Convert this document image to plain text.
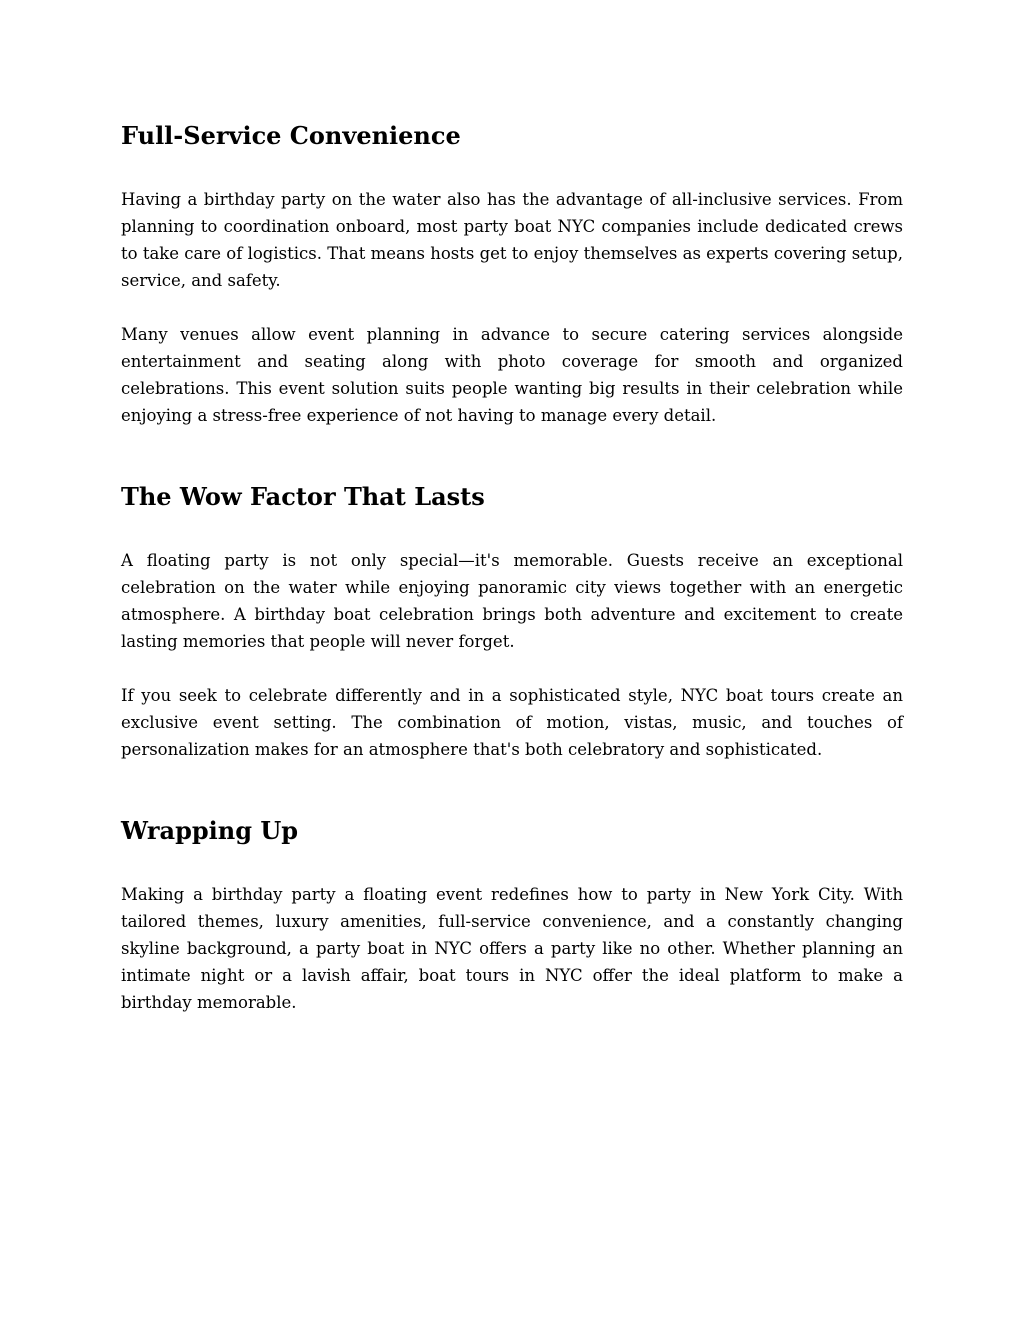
Full-Service Convenience

Having a birthday party on the water also has the advantage of all-inclusive services. From planning to coordination onboard, most party boat NYC companies include dedicated crews to take care of logistics. That means hosts get to enjoy themselves as experts covering setup, service, and safety.

Many venues allow event planning in advance to secure catering services alongside entertainment and seating along with photo coverage for smooth and organized celebrations. This event solution suits people wanting big results in their celebration while enjoying a stress-free experience of not having to manage every detail.

The Wow Factor That Lasts

A floating party is not only special—it's memorable. Guests receive an exceptional celebration on the water while enjoying panoramic city views together with an energetic atmosphere. A birthday boat celebration brings both adventure and excitement to create lasting memories that people will never forget.

If you seek to celebrate differently and in a sophisticated style, NYC boat tours create an exclusive event setting. The combination of motion, vistas, music, and touches of personalization makes for an atmosphere that's both celebratory and sophisticated.

Wrapping Up

Making a birthday party a floating event redefines how to party in New York City. With tailored themes, luxury amenities, full-service convenience, and a constantly changing skyline background, a party boat in NYC offers a party like no other. Whether planning an intimate night or a lavish affair, boat tours in NYC offer the ideal platform to make a birthday memorable.
